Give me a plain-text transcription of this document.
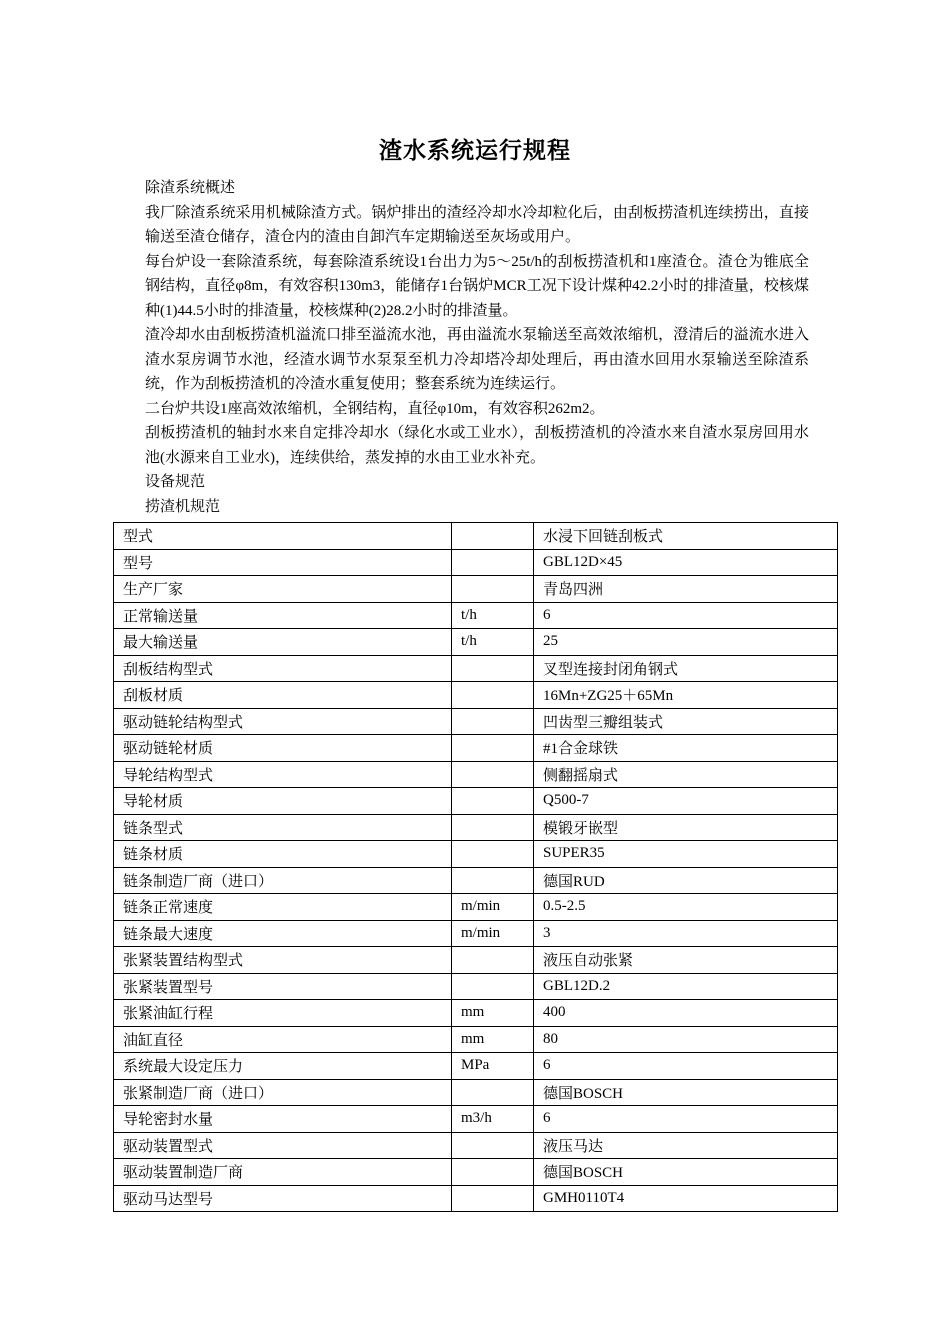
渣水系统运行规程

除渣系统概述

我厂除渣系统采用机械除渣方式。锅炉排出的渣经冷却水冷却粒化后，由刮板捞渣机连续捞出，直接输送至渣仓储存，渣仓内的渣由自卸汽车定期输送至灰场或用户。

每台炉设一套除渣系统，每套除渣系统设1台出力为5～25t/h的刮板捞渣机和1座渣仓。渣仓为锥底全钢结构，直径φ8m，有效容积130m3，能储存1台锅炉MCR工况下设计煤种42.2小时的排渣量，校核煤种(1)44.5小时的排渣量，校核煤种(2)28.2小时的排渣量。

渣冷却水由刮板捞渣机溢流口排至溢流水池，再由溢流水泵输送至高效浓缩机，澄清后的溢流水进入渣水泵房调节水池，经渣水调节水泵泵至机力冷却塔冷却处理后，再由渣水回用水泵输送至除渣系统，作为刮板捞渣机的冷渣水重复使用；整套系统为连续运行。

二台炉共设1座高效浓缩机，全钢结构，直径φ10m，有效容积262m2。

刮板捞渣机的轴封水来自定排冷却水（绿化水或工业水），刮板捞渣机的冷渣水来自渣水泵房回用水池(水源来自工业水)，连续供给，蒸发掉的水由工业水补充。

设备规范

捞渣机规范

型式		水浸下回链刮板式
型号		GBL12D×45
生产厂家		青岛四洲
正常输送量	t/h	6
最大输送量	t/h	25
刮板结构型式		叉型连接封闭角钢式
刮板材质		16Mn+ZG25＋65Mn
驱动链轮结构型式		凹齿型三瓣组装式
驱动链轮材质		#1合金球铁
导轮结构型式		侧翻摇扇式
导轮材质		Q500-7
链条型式		模锻牙嵌型
链条材质		SUPER35
链条制造厂商（进口）		德国RUD
链条正常速度	m/min	0.5-2.5
链条最大速度	m/min	3
张紧装置结构型式		液压自动张紧
张紧装置型号		GBL12D.2
张紧油缸行程	mm	400
油缸直径	mm	80
系统最大设定压力	MPa	6
张紧制造厂商（进口）		德国BOSCH
导轮密封水量	m3/h	6
驱动装置型式		液压马达
驱动装置制造厂商		德国BOSCH
驱动马达型号		GMH0110T4
